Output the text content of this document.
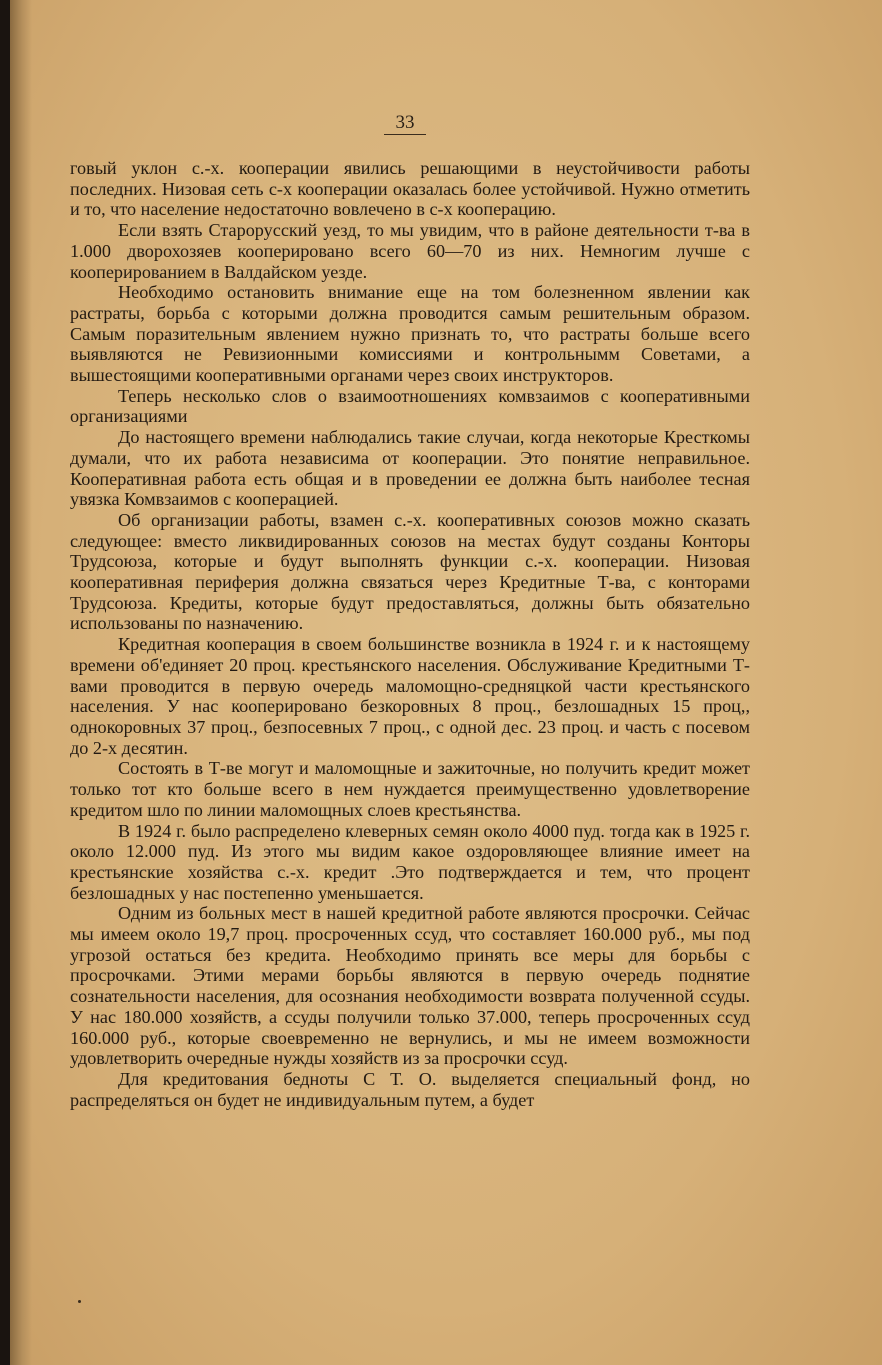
33

говый уклон с.-х. кооперации явились решающими в неустойчивости работы последних. Низовая сеть с-х кооперации оказалась более устойчивой. Нужно отметить и то, что население недостаточно вовлечено в с-х кооперацию.

Если взять Старорусский уезд, то мы увидим, что в районе деятельности т-ва в 1.000 дворохозяев кооперировано всего 60—70 из них. Немногим лучше с кооперированием в Валдайском уезде.

Необходимо остановить внимание еще на том болезненном явлении как растраты, борьба с которыми должна проводится самым решительным образом. Самым поразительным явлением нужно признать то, что растраты больше всего выявляются не Ревизионными комиссиями и контрольнымм Советами, а вышестоящими кооперативными органами через своих инструкторов.

Теперь несколько слов о взаимоотношениях комвзаимов с кооперативными организациями

До настоящего времени наблюдались такие случаи, когда некоторые Кресткомы думали, что их работа независима от кооперации. Это понятие неправильное. Кооперативная работа есть общая и в проведении ее должна быть наиболее тесная увязка Комвзаимов с кооперацией.

Об организации работы, взамен с.-х. кооперативных союзов можно сказать следующее: вместо ликвидированных союзов на местах будут созданы Конторы Трудсоюза, которые и будут выполнять функции с.-х. кооперации. Низовая кооперативная периферия должна связаться через Кредитные Т-ва, с конторами Трудсоюза. Кредиты, которые будут предоставляться, должны быть обязательно использованы по назначению.

Кредитная кооперация в своем большинстве возникла в 1924 г. и к настоящему времени об'единяет 20 проц. крестьянского населения. Обслуживание Кредитными Т-вами проводится в первую очередь маломощно-средняцкой части крестьянского населения. У нас кооперировано безкоровных 8 проц., безлошадных 15 проц,, однокоровных 37 проц., безпосевных 7 проц., с одной дес. 23 проц. и часть с посевом до 2-х десятин.

Состоять в Т-ве могут и маломощные и зажиточные, но получить кредит может только тот кто больше всего в нем нуждается преимущественно удовлетворение кредитом шло по линии маломощных слоев крестьянства.

В 1924 г. было распределено клеверных семян около 4000 пуд. тогда как в 1925 г. около 12.000 пуд. Из этого мы видим какое оздоровляющее влияние имеет на крестьянские хозяйства с.-х. кредит .Это подтверждается и тем, что процент безлошадных у нас постепенно уменьшается.

Одним из больных мест в нашей кредитной работе являются просрочки. Сейчас мы имеем около 19,7 проц. просроченных ссуд, что составляет 160.000 руб., мы под угрозой остаться без кредита. Необходимо принять все меры для борьбы с просрочками. Этими мерами борьбы являются в первую очередь поднятие сознательности населения, для осознания необходимости возврата полученной ссуды. У нас 180.000 хозяйств, а ссуды получили только 37.000, теперь просроченных ссуд 160.000 руб., которые своевременно не вернулись, и мы не имеем возможности удовлетворить очередные нужды хозяйств из за просрочки ссуд.

Для кредитования бедноты С Т. О. выделяется специальный фонд, но распределяться он будет не индивидуальным путем, а будет
